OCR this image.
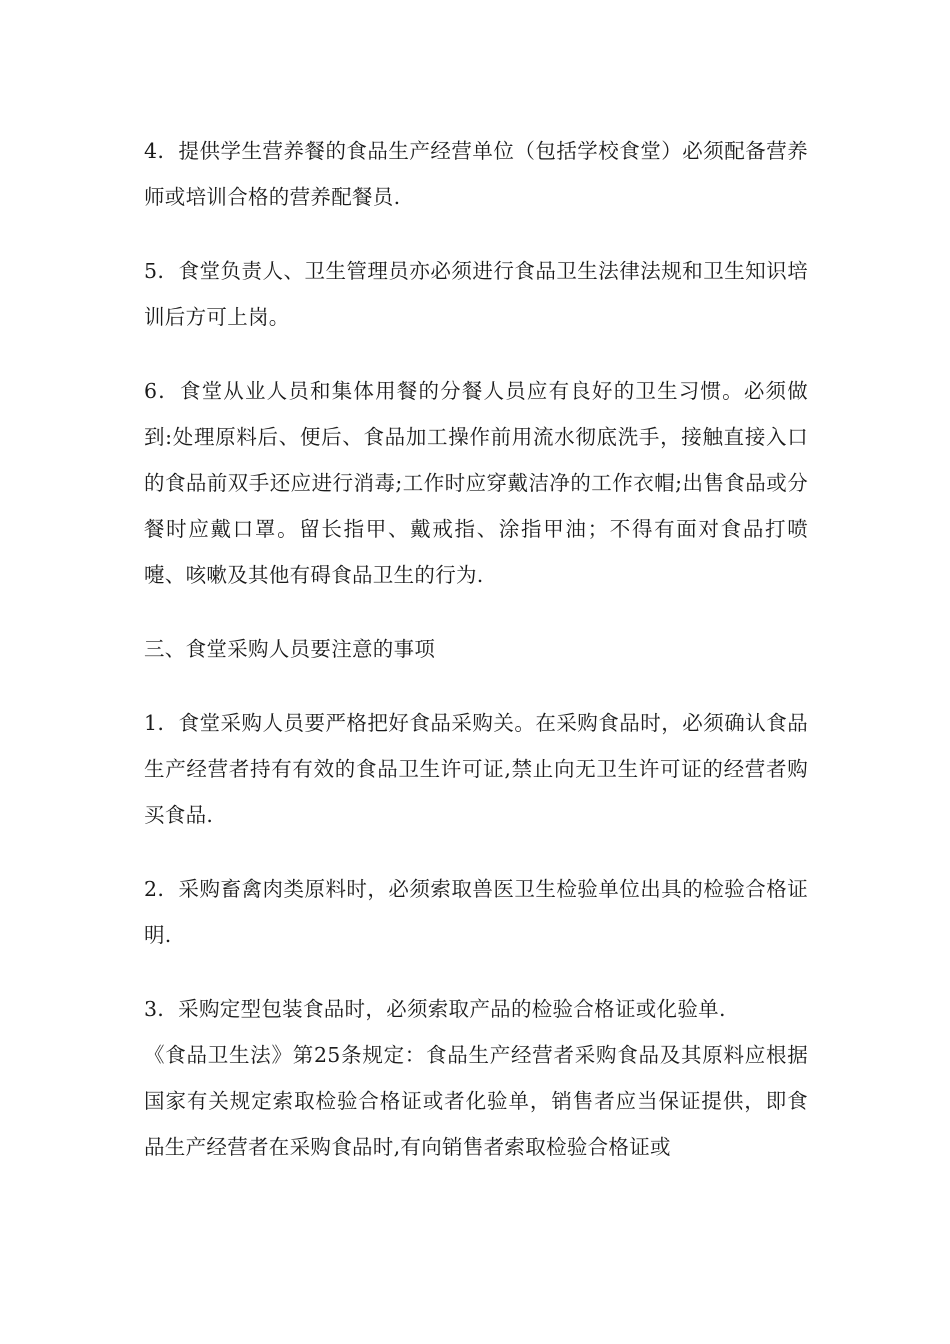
4．提供学生营养餐的食品生产经营单位（包括学校食堂）必须配备营养师或培训合格的营养配餐员.

5．食堂负责人、卫生管理员亦必须进行食品卫生法律法规和卫生知识培训后方可上岗。

6．食堂从业人员和集体用餐的分餐人员应有良好的卫生习惯。必须做到:处理原料后、便后、食品加工操作前用流水彻底洗手，接触直接入口的食品前双手还应进行消毒;工作时应穿戴洁净的工作衣帽;出售食品或分餐时应戴口罩。留长指甲、戴戒指、涂指甲油；不得有面对食品打喷嚏、咳嗽及其他有碍食品卫生的行为.

三、食堂采购人员要注意的事项

1．食堂采购人员要严格把好食品采购关。在采购食品时，必须确认食品生产经营者持有有效的食品卫生许可证,禁止向无卫生许可证的经营者购买食品.

2．采购畜禽肉类原料时，必须索取兽医卫生检验单位出具的检验合格证明.

3．采购定型包装食品时，必须索取产品的检验合格证或化验单.

《食品卫生法》第25条规定：食品生产经营者采购食品及其原料应根据国家有关规定索取检验合格证或者化验单，销售者应当保证提供，即食品生产经营者在采购食品时,有向销售者索取检验合格证或
